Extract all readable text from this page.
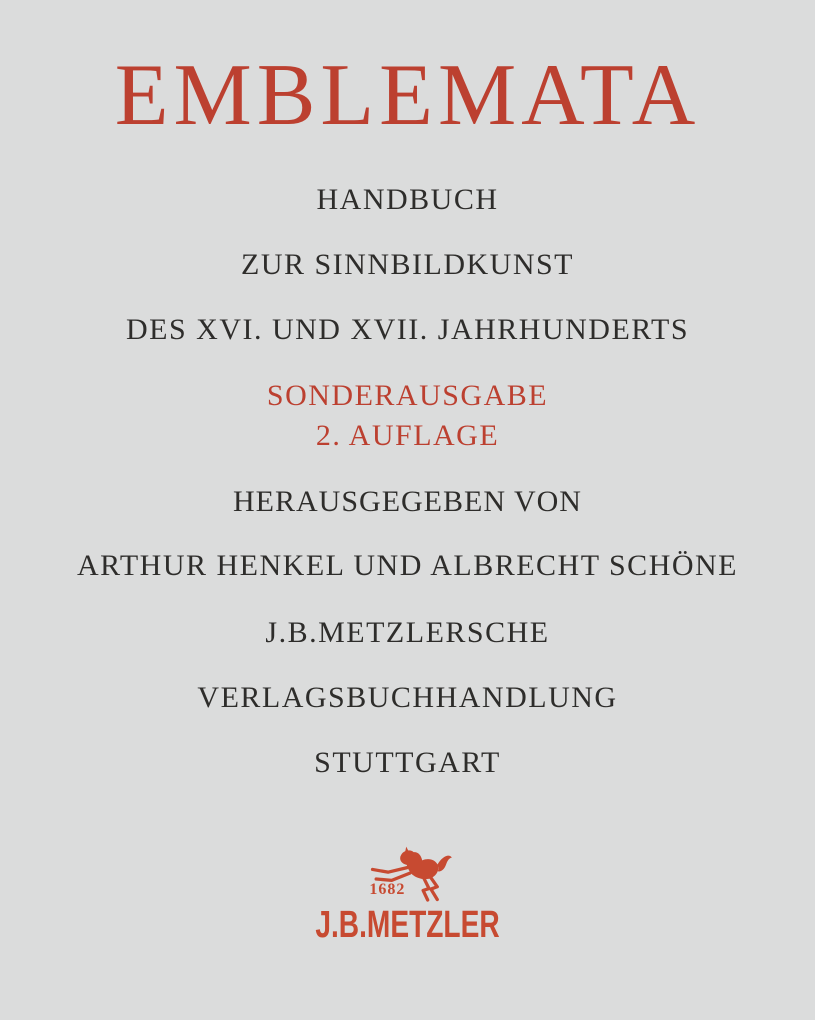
EMBLEMATA
HANDBUCH
ZUR SINNBILDKUNST
DES XVI. UND XVII. JAHRHUNDERTS
SONDERAUSGABE
2. AUFLAGE
HERAUSGEGEBEN VON
ARTHUR HENKEL UND ALBRECHT SCHÖNE
J.B.METZLERSCHE
VERLAGSBUCHHANDLUNG
STUTTGART
1682
J.B.METZLER
